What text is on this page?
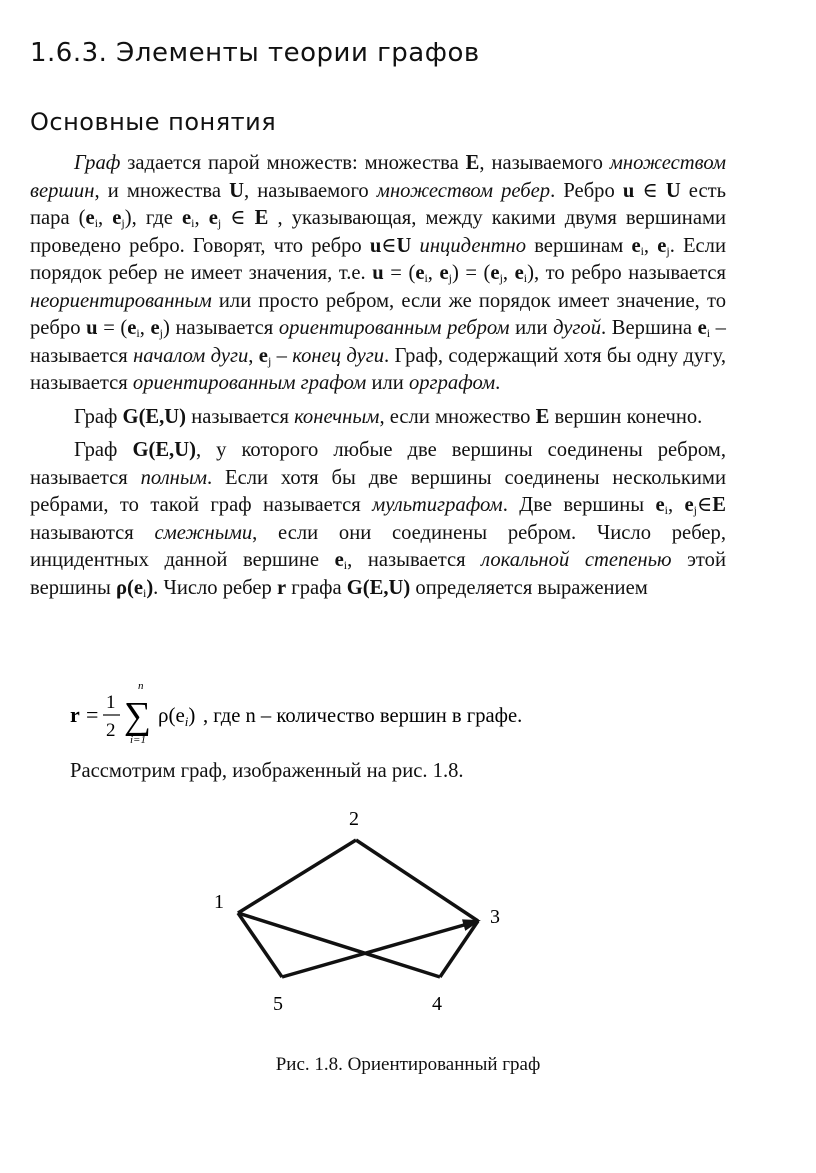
1.6.3. Элементы теории графов
Основные понятия

Граф задается парой множеств: множества E, называемого множеством вершин, и множества U, называемого множеством ребер. Ребро u ∈ U есть пара ($e_i$, $e_j$), где $e_i$, $e_j$ ∈ E , указывающая, между какими двумя вершинами проведено ребро. Говорят, что ребро u∈U инцидентно вершинам $e_i$, $e_j$. Если порядок ребер не имеет значения, т.е. $u = (e_i$, $e_j) = (e_j$, $e_i$), то ребро называется неориентированным или просто ребром, если же порядок имеет значение, то ребро $u = (e_i$, $e_j$) называется ориентированным ребром или дугой. Вершина $e_i$ – называется началом дуги, $e_j$ – конец дуги. Граф, содержащий хотя бы одну дугу, называется ориентированным графом или орграфом.

Граф G(E,U) называется конечным, если множество E вершин конечно.

Граф G(E,U), у которого любые две вершины соединены ребром, называется полным. Если хотя бы две вершины соединены несколькими ребрами, то такой граф называется мультиграфом. Две вершины $e_i$, $e_j\in E$ называются смежными, если они соединены ребром. Число ребер, инцидентных данной вершине $e_i$, называется локальной степенью этой вершины $\rho(e_i)$. Число ребер r графа G(E,U) определяется выражением

r = 1
2
n
∑
i=1
ρ(ei) , где n – количество вершин в графе.
Рассмотрим граф, изображенный на рис. 1.8.
1
2
3
4
5
Рис. 1.8. Ориентированный граф
